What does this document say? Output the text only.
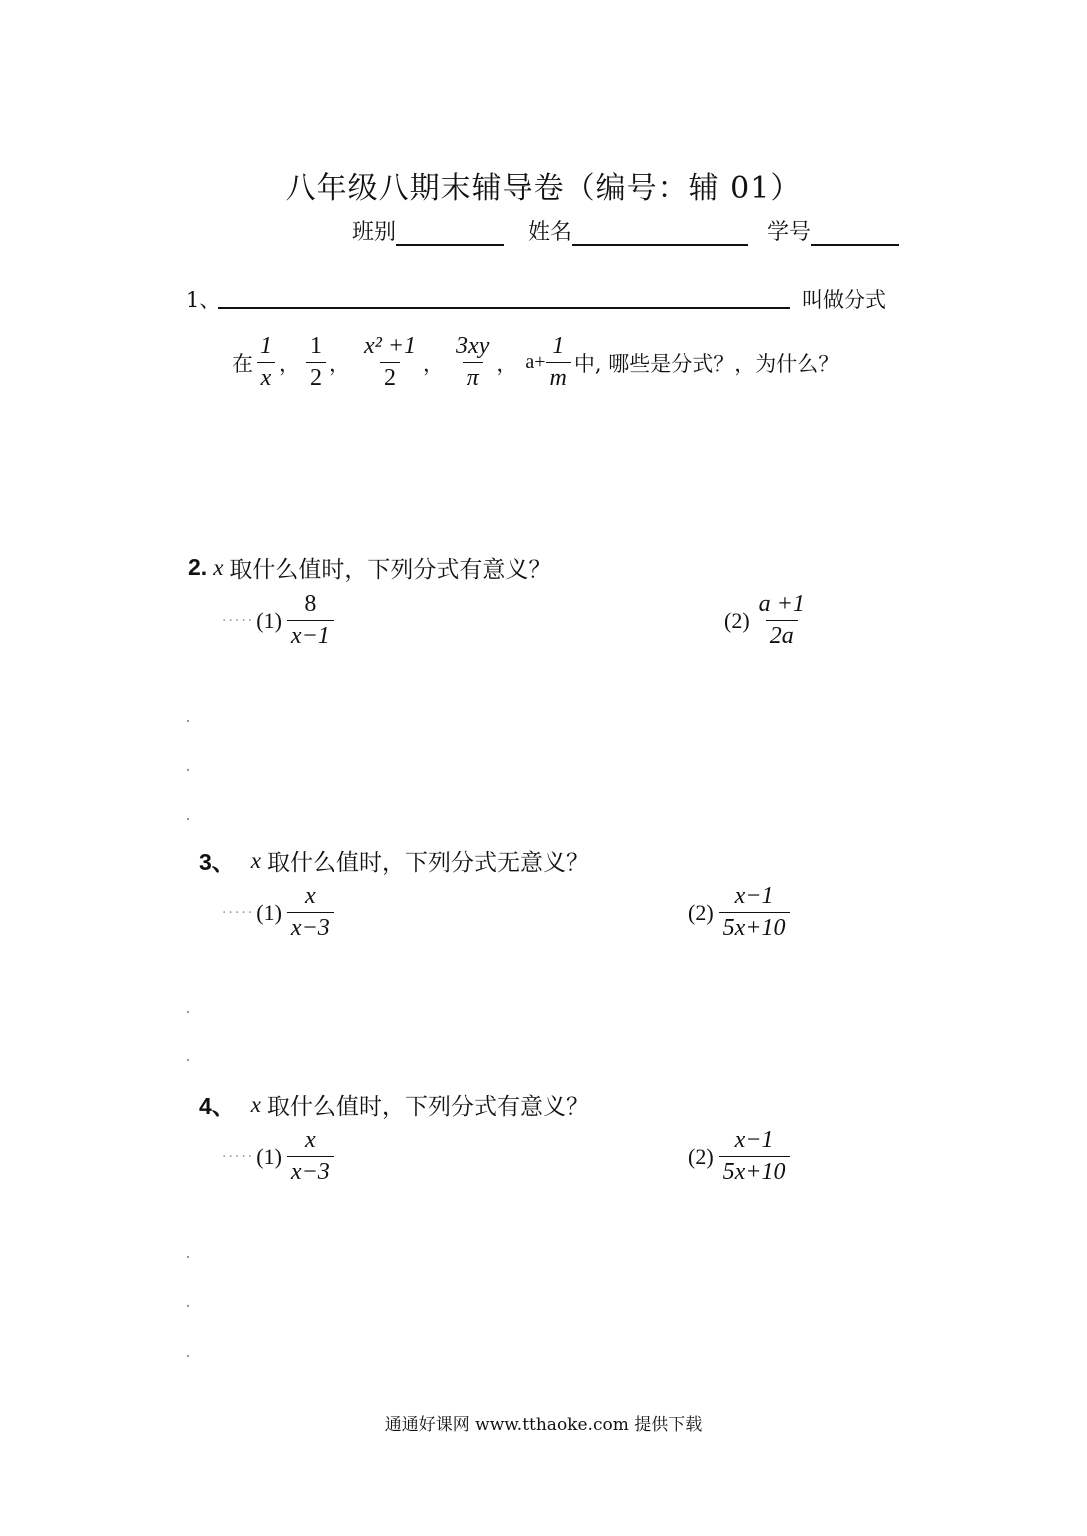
八年级八期末辅导卷（编号：辅 01）
班别	姓名	学号
1、	叫做分式
在 $\frac{1}{x}$ ， $\frac{1}{2}$ ， $\frac{\text{x² +1}}{2}$ ， $\frac{3xy}{\pi}$ ， $a+ \frac{1}{m}$ 中, 哪些是分式？，为什么？
2. x 取什么值时，下列分式有意义？
····· $(1) \frac{8}{x-1}$	$(2) \frac{a +1}{2a}$
3、 x 取什么值时，下列分式无意义？
····· $(1) \frac{x}{x-3}$	$(2) \frac{x-1}{5x+10}$
4、 x 取什么值时，下列分式有意义？
····· $(1) \frac{x}{x-3}$	$(2) \frac{x-1}{5x+10}$
通通好课网 www.tthaoke.com 提供下载
